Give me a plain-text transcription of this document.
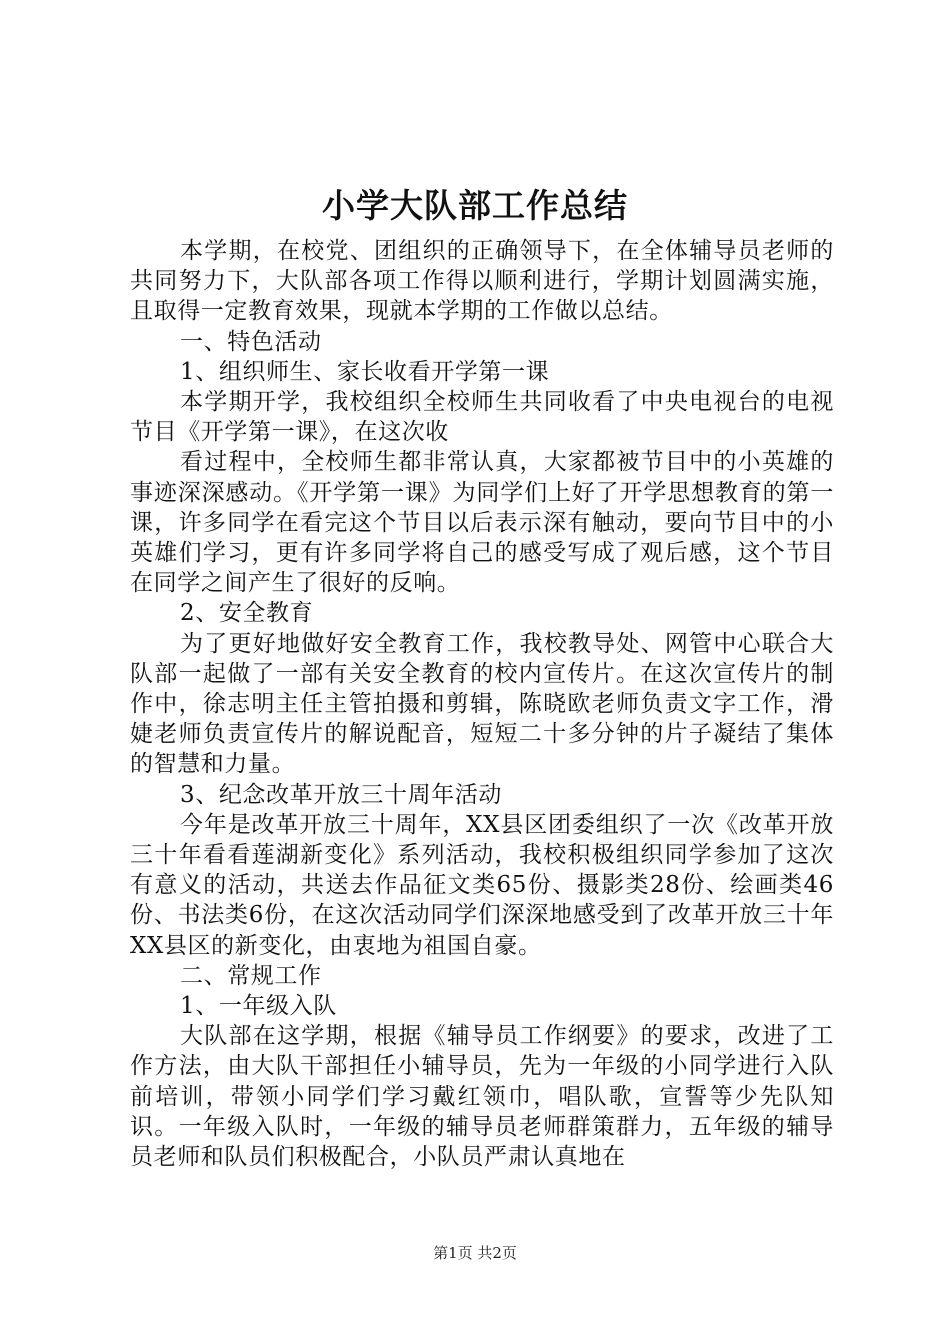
小学大队部工作总结

本学期，在校党、团组织的正确领导下，在全体辅导员老师的共同努力下，大队部各项工作得以顺利进行，学期计划圆满实施，且取得一定教育效果，现就本学期的工作做以总结。

一、特色活动

1、组织师生、家长收看开学第一课

本学期开学，我校组织全校师生共同收看了中央电视台的电视节目《开学第一课》，在这次收

看过程中，全校师生都非常认真，大家都被节目中的小英雄的事迹深深感动。《开学第一课》为同学们上好了开学思想教育的第一课，许多同学在看完这个节目以后表示深有触动，要向节目中的小英雄们学习，更有许多同学将自己的感受写成了观后感，这个节目在同学之间产生了很好的反响。

2、安全教育

为了更好地做好安全教育工作，我校教导处、网管中心联合大队部一起做了一部有关安全教育的校内宣传片。在这次宣传片的制作中，徐志明主任主管拍摄和剪辑，陈晓欧老师负责文字工作，滑婕老师负责宣传片的解说配音，短短二十多分钟的片子凝结了集体的智慧和力量。

3、纪念改革开放三十周年活动

今年是改革开放三十周年，XX县区团委组织了一次《改革开放三十年看看莲湖新变化》系列活动，我校积极组织同学参加了这次有意义的活动，共送去作品征文类65份、摄影类28份、绘画类46份、书法类6份，在这次活动同学们深深地感受到了改革开放三十年XX县区的新变化，由衷地为祖国自豪。

二、常规工作

1、一年级入队

大队部在这学期，根据《辅导员工作纲要》的要求，改进了工作方法，由大队干部担任小辅导员，先为一年级的小同学进行入队前培训，带领小同学们学习戴红领巾，唱队歌，宣誓等少先队知识。一年级入队时，一年级的辅导员老师群策群力，五年级的辅导员老师和队员们积极配合，小队员严肃认真地在

第1页 共2页
